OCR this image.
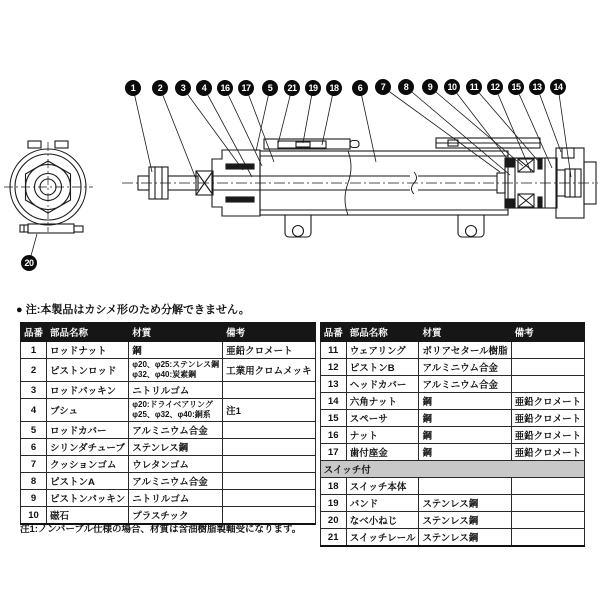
1	2	3	4	16	17	5	21	19	18	6	7	8	9	10	11	12	15	13	14
20
● 注:本製品はカシメ形のため分解できません。
品番	部品名称	材質	備考
1	ロッドナット	鋼	亜鉛クロメート
2	ピストンロッド	φ20、φ25:ステンレス鋼
φ32、φ40:炭素鋼	工業用クロムメッキ
3	ロッドパッキン	ニトリルゴム	
4	ブシュ	φ20:ドライベアリング
φ25、φ32、φ40:銅系	注1
5	ロッドカバー	アルミニウム合金	
6	シリンダチューブ	ステンレス鋼	
7	クッションゴム	ウレタンゴム	
8	ピストンA	アルミニウム合金	
9	ピストンパッキン	ニトリルゴム	
10	磁石	プラスチック	
品番	部品名称	材質	備考
11	ウェアリング	ポリアセタール樹脂	
12	ピストンB	アルミニウム合金	
13	ヘッドカバー	アルミニウム合金	
14	六角ナット	鋼	亜鉛クロメート
15	スペーサ	鋼	亜鉛クロメート
16	ナット	鋼	亜鉛クロメート
17	歯付座金	鋼	亜鉛クロメート
スイッチ付			
18	スイッチ本体		
19	バンド	ステンレス鋼	
20	なべ小ねじ	ステンレス鋼	
21	スイッチレール	ステンレス鋼	
注1:ノンバーブル仕様の場合、材質は含油樹脂製軸受になります。
